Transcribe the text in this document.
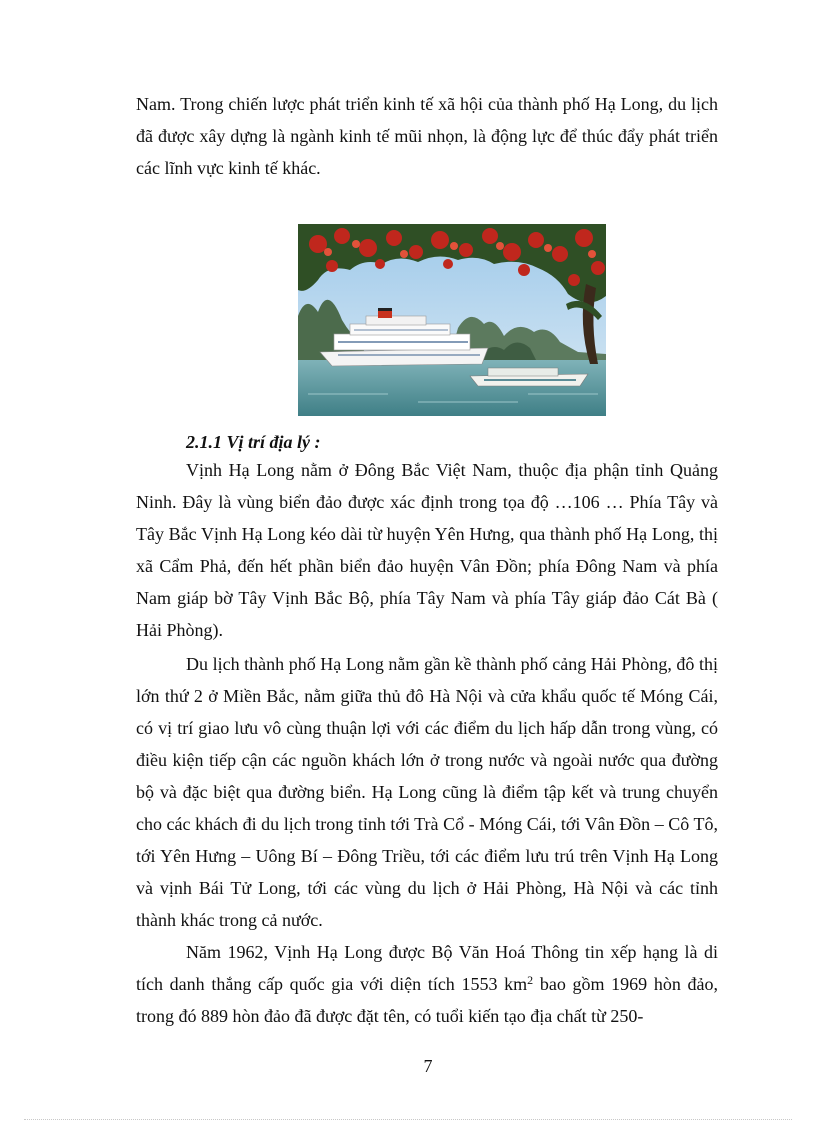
Nam. Trong chiến lược phát triển kinh tế xã hội của thành phố Hạ Long, du lịch đã được xây dựng là ngành kinh tế mũi nhọn, là động lực để thúc đẩy phát triển các lĩnh vực kinh tế khác.

2.1.1 Vị trí địa lý :

Vịnh Hạ Long nằm ở Đông Bắc Việt Nam, thuộc địa phận tỉnh Quảng Ninh. Đây là vùng biển đảo được xác định trong tọa độ …106 … Phía Tây và Tây Bắc Vịnh Hạ Long kéo dài từ huyện Yên Hưng, qua thành phố Hạ Long, thị xã Cẩm Phả, đến hết phần biển đảo huyện Vân Đồn; phía Đông Nam và phía Nam giáp bờ Tây Vịnh Bắc Bộ, phía Tây Nam và phía Tây giáp đảo Cát Bà ( Hải Phòng).

Du lịch thành phố Hạ Long nằm gần kề thành phố cảng Hải Phòng, đô thị lớn thứ 2 ở Miền Bắc, nằm giữa thủ đô Hà Nội và cửa khẩu quốc tế Móng Cái, có vị trí giao lưu vô cùng thuận lợi với các điểm du lịch hấp dẫn trong vùng, có điều kiện tiếp cận các nguồn khách lớn ở trong nước và ngoài nước qua đường bộ và đặc biệt qua đường biển. Hạ Long cũng là điểm tập kết và trung chuyển cho các khách đi du lịch trong tỉnh tới Trà Cổ - Móng Cái, tới Vân Đồn – Cô Tô, tới Yên Hưng – Uông Bí – Đông Triều, tới các điểm lưu trú trên Vịnh Hạ Long và vịnh Bái Tử Long, tới các vùng du lịch ở Hải Phòng, Hà Nội và các tỉnh thành khác trong cả nước.

Năm 1962, Vịnh Hạ Long được Bộ Văn Hoá Thông tin xếp hạng là di tích danh thắng cấp quốc gia với diện tích 1553 $km^2$ bao gồm 1969 hòn đảo, trong đó 889 hòn đảo đã được đặt tên, có tuổi kiến tạo địa chất từ 250-

7
